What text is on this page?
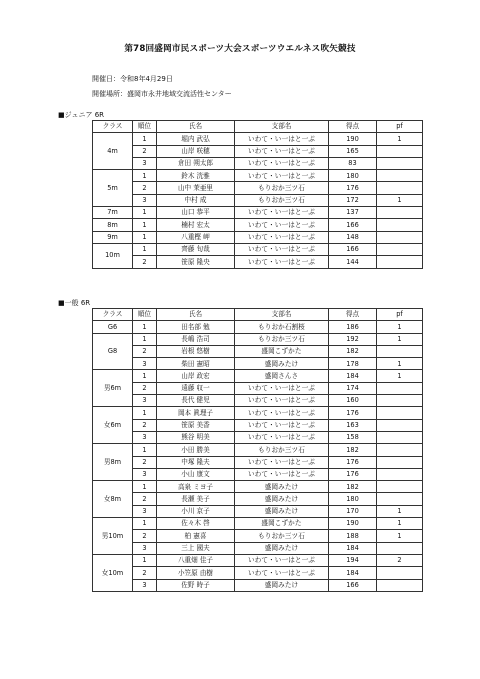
第78回盛岡市民スポーツ大会スポーツウエルネス吹矢競技
開催日：令和8年4月29日
開催場所：盛岡市永井地域交流活性センター
■ジュニア 6R
クラス	順位	氏名	支部名	得点	pf
4m	1	堀内 武弘	いわて・い一はと一ぷ	190	1
	2	山岸 咲穂	いわて・い一はと一ぷ	165	
	3	倉田 朔太郎	いわて・い一はと一ぷ	83	
5m	1	鈴木 洸雅	いわて・い一はと一ぷ	180	
	2	山中 茉亜里	もりおか三ツ石	176	
	3	中村 成	もりおか三ツ石	172	1
7m	1	山口 恭平	いわて・い一はと一ぷ	137	
8m	1	楠村 宏太	いわて・い一はと一ぷ	166	
9m	1	八重樫 岬	いわて・い一はと一ぷ	148	
10m	1	齊藤 旬哉	いわて・い一はと一ぷ	166	
	2	笹原 隆央	いわて・い一はと一ぷ	144	
■一般 6R
クラス	順位	氏名	支部名	得点	pf
G6	1	田名部 勉	もりおか石割桜	186	1
G8	1	長嶋 浩司	もりおか三ツ石	192	1
	2	岩根 悠樹	盛岡こずかた	182	
	3	柴田 憲昭	盛岡みたけ	178	1
男6m	1	山岸 政宏	盛岡さんさ	184	1
	2	遠藤 収一	いわて・い一はと一ぷ	174	
	3	長代 健児	いわて・い一はと一ぷ	160	
女6m	1	岡本 眞理子	いわて・い一はと一ぷ	176	
	2	笹原 美香	いわて・い一はと一ぷ	163	
	3	熊谷 明美	いわて・い一はと一ぷ	158	
男8m	1	小田 勝美	もりおか三ツ石	182	
	2	中塚 隆夫	いわて・い一はと一ぷ	176	
	3	小山 康文	いわて・い一はと一ぷ	176	
女8m	1	高泉 ミヨ子	盛岡みたけ	182	
	2	長瀬 美子	盛岡みたけ	180	
	3	小川 京子	盛岡みたけ	170	1
男10m	1	佐々木 啓	盛岡こずかた	190	1
	2	柏 憲喜	もりおか三ツ石	188	1
	3	三上 國夫	盛岡みたけ	184	
女10m	1	八重畑 佳子	いわて・い一はと一ぷ	194	2
	2	小笠原 由樹	いわて・い一はと一ぷ	184	
	3	佐野 時子	盛岡みたけ	166	
